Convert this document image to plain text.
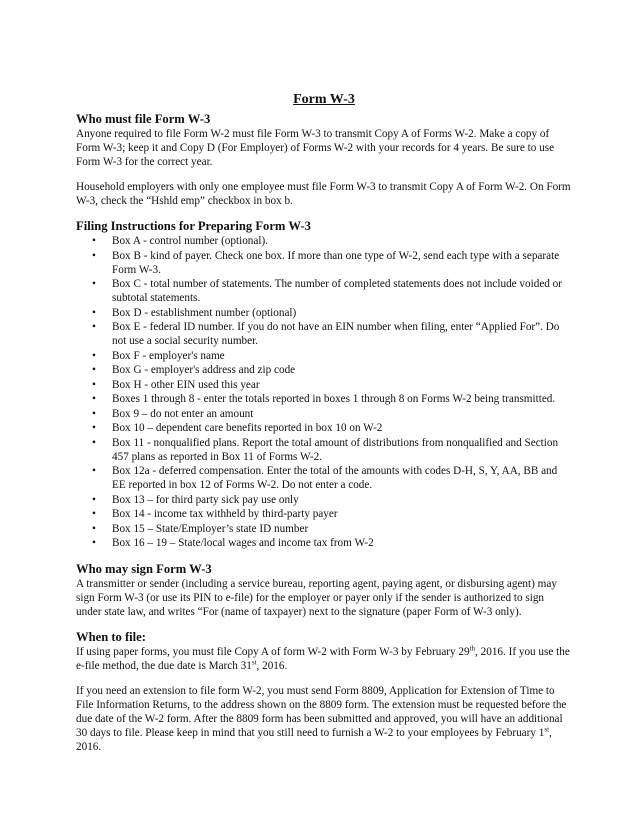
Form W-3
Who must file Form W-3

Anyone required to file Form W-2 must file Form W-3 to transmit Copy A of Forms W-2. Make a copy of Form W-3; keep it and Copy D (For Employer) of Forms W-2 with your records for 4 years. Be sure to use Form W-3 for the correct year.

Household employers with only one employee must file Form W-3 to transmit Copy A of Form W-2. On Form W-3, check the “Hshld emp” checkbox in box b.

Filing Instructions for Preparing Form W-3
• Box A - control number (optional).
• Box B - kind of payer. Check one box. If more than one type of W-2, send each type with a separate Form W-3.
• Box C - total number of statements. The number of completed statements does not include voided or subtotal statements.
• Box D - establishment number (optional)
• Box E - federal ID number. If you do not have an EIN number when filing, enter “Applied For”. Do not use a social security number.
• Box F - employer's name
• Box G - employer's address and zip code
• Box H - other EIN used this year
• Boxes 1 through 8 - enter the totals reported in boxes 1 through 8 on Forms W-2 being transmitted.
• Box 9 – do not enter an amount
• Box 10 – dependent care benefits reported in box 10 on W-2
• Box 11 - nonqualified plans. Report the total amount of distributions from nonqualified and Section 457 plans as reported in Box 11 of Forms W-2.
• Box 12a - deferred compensation. Enter the total of the amounts with codes D-H, S, Y, AA, BB and EE reported in box 12 of Forms W-2. Do not enter a code.
• Box 13 – for third party sick pay use only
• Box 14 - income tax withheld by third-party payer
• Box 15 – State/Employer’s state ID number
• Box 16 – 19 – State/local wages and income tax from W-2
Who may sign Form W-3

A transmitter or sender (including a service bureau, reporting agent, paying agent, or disbursing agent) may sign Form W-3 (or use its PIN to e-file) for the employer or payer only if the sender is authorized to sign under state law, and writes “For (name of taxpayer) next to the signature (paper Form of W-3 only).

When to file:

If using paper forms, you must file Copy A of form W-2 with Form W-3 by February 29th, 2016. If you use the e-file method, the due date is March 31st, 2016.

If you need an extension to file form W-2, you must send Form 8809, Application for Extension of Time to File Information Returns, to the address shown on the 8809 form. The extension must be requested before the due date of the W-2 form. After the 8809 form has been submitted and approved, you will have an additional 30 days to file. Please keep in mind that you still need to furnish a W-2 to your employees by February 1st, 2016.
